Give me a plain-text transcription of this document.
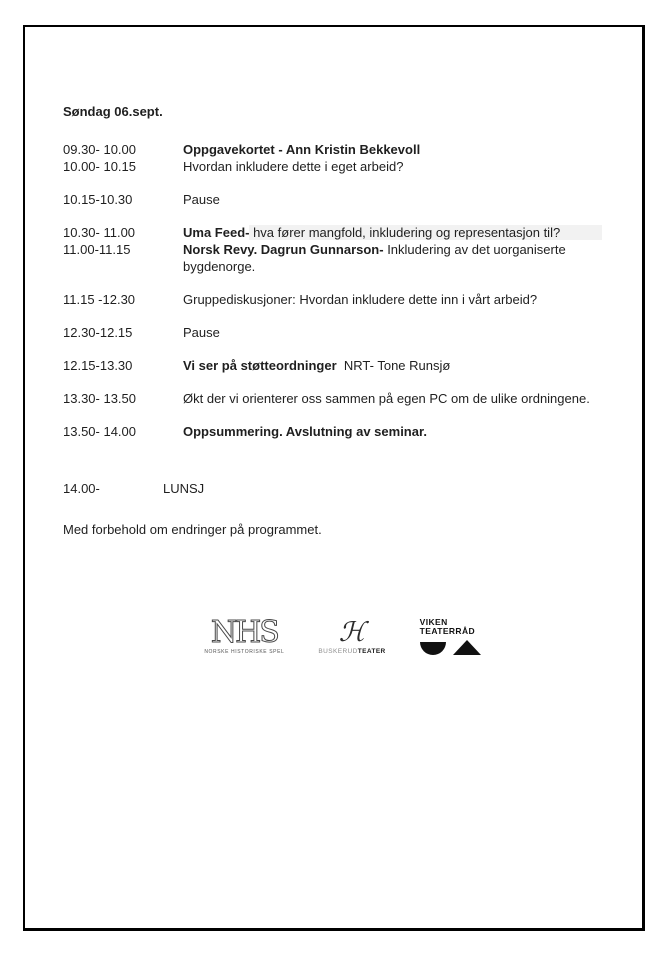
Søndag 06.sept.
09.30- 10.00	Oppgavekortet - Ann Kristin Bekkevoll
10.00- 10.15	Hvordan inkludere dette i eget arbeid?
10.15-10.30	Pause
10.30- 11.00	Uma Feed- hva fører mangfold, inkludering og representasjon til?
11.00-11.15	Norsk Revy. Dagrun Gunnarson- Inkludering av det uorganiserte bygdenorge.
11.15 -12.30	Gruppediskusjoner: Hvordan inkludere dette inn i vårt arbeid?
12.30-12.15	Pause
12.15-13.30	Vi ser på støtteordninger  NRT- Tone Runsjø
13.30- 13.50	Økt der vi orienterer oss sammen på egen PC om de ulike ordningene.
13.50- 14.00	Oppsummering. Avslutning av seminar.
14.00-	LUNSJ
Med forbehold om endringer på programmet.
NHS
NORSKE HISTORISKE SPEL
ℋ
BUSKERUDTEATER
VIKEN
TEATERRÅD
